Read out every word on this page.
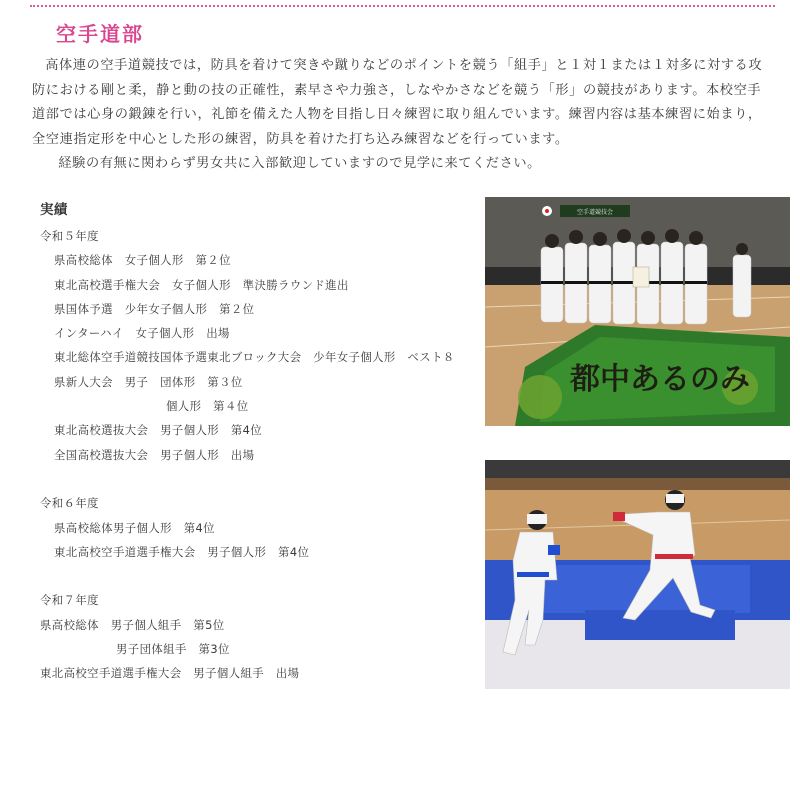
空手道部

高体連の空手道競技では，防具を着けて突きや蹴りなどのポイントを競う「組手」と１対１または１対多に対する攻防における剛と柔，静と動の技の正確性，素早さや力強さ，しなやかさなどを競う「形」の競技があります。本校空手道部では心身の鍛錬を行い，礼節を備えた人物を目指し日々練習に取り組んでいます。練習内容は基本練習に始まり，全空連指定形を中心とした形の練習，防具を着けた打ち込み練習などを行っています。

経験の有無に関わらず男女共に入部歓迎していますので見学に来てください。

実績
令和５年度
県高校総体　女子個人形　第２位
東北高校選手権大会　女子個人形　準決勝ラウンド進出
県国体予選　少年女子個人形　第２位
インターハイ　女子個人形　出場
東北総体空手道競技国体予選東北ブロック大会　少年女子個人形　ベスト８
県新人大会　男子　団体形　第３位
個人形　第４位
東北高校選抜大会　男子個人形　第4位
全国高校選抜大会　男子個人形　出場
令和６年度
県高校総体男子個人形　第4位
東北高校空手道選手権大会　男子個人形　第4位
令和７年度
県高校総体　男子個人組手　第5位
男子団体組手　第3位
東北高校空手道選手権大会　男子個人組手　出場
空手道競技会
都中あるのみ
